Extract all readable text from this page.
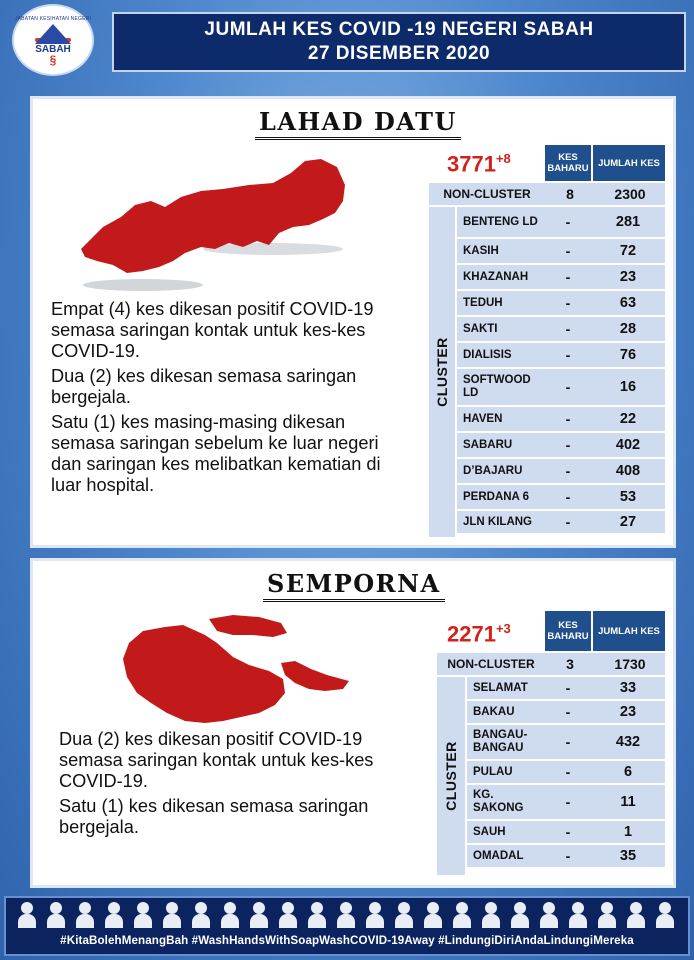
JABATAN KESIHATAN NEGERI
SABAH
§
JUMLAH KES COVID -19 NEGERI SABAH
27 DISEMBER 2020
LAHAD DATU
$3771^{+8}$	KES BAHARU	JUMLAH KES
NON-CLUSTER	8	2300
CLUSTER
BENTENG LD	-	281
KASIH	-	72
KHAZANAH	-	23
TEDUH	-	63
SAKTI	-	28
DIALISIS	-	76
SOFTWOOD LD	-	16
HAVEN	-	22
SABARU	-	402
D’BAJARU	-	408
PERDANA 6	-	53
JLN KILANG	-	27

Empat (4) kes dikesan positif COVID-19 semasa saringan kontak untuk kes-kes COVID-19.

Dua (2) kes dikesan semasa saringan bergejala.

Satu (1) kes masing-masing dikesan semasa saringan sebelum ke luar negeri dan saringan kes melibatkan kematian di luar hospital.

SEMPORNA
$2271^{+3}$	KES BAHARU	JUMLAH KES
NON-CLUSTER	3	1730
CLUSTER
SELAMAT	-	33
BAKAU	-	23
BANGAU-BANGAU	-	432
PULAU	-	6
KG. SAKONG	-	11
SAUH	-	1
OMADAL	-	35

Dua (2) kes dikesan positif COVID-19 semasa saringan kontak untuk kes-kes COVID-19.

Satu (1) kes dikesan semasa saringan bergejala.

#KitaBolehMenangBah #WashHandsWithSoapWashCOVID-19Away #LindungiDiriAndaLindungiMereka
